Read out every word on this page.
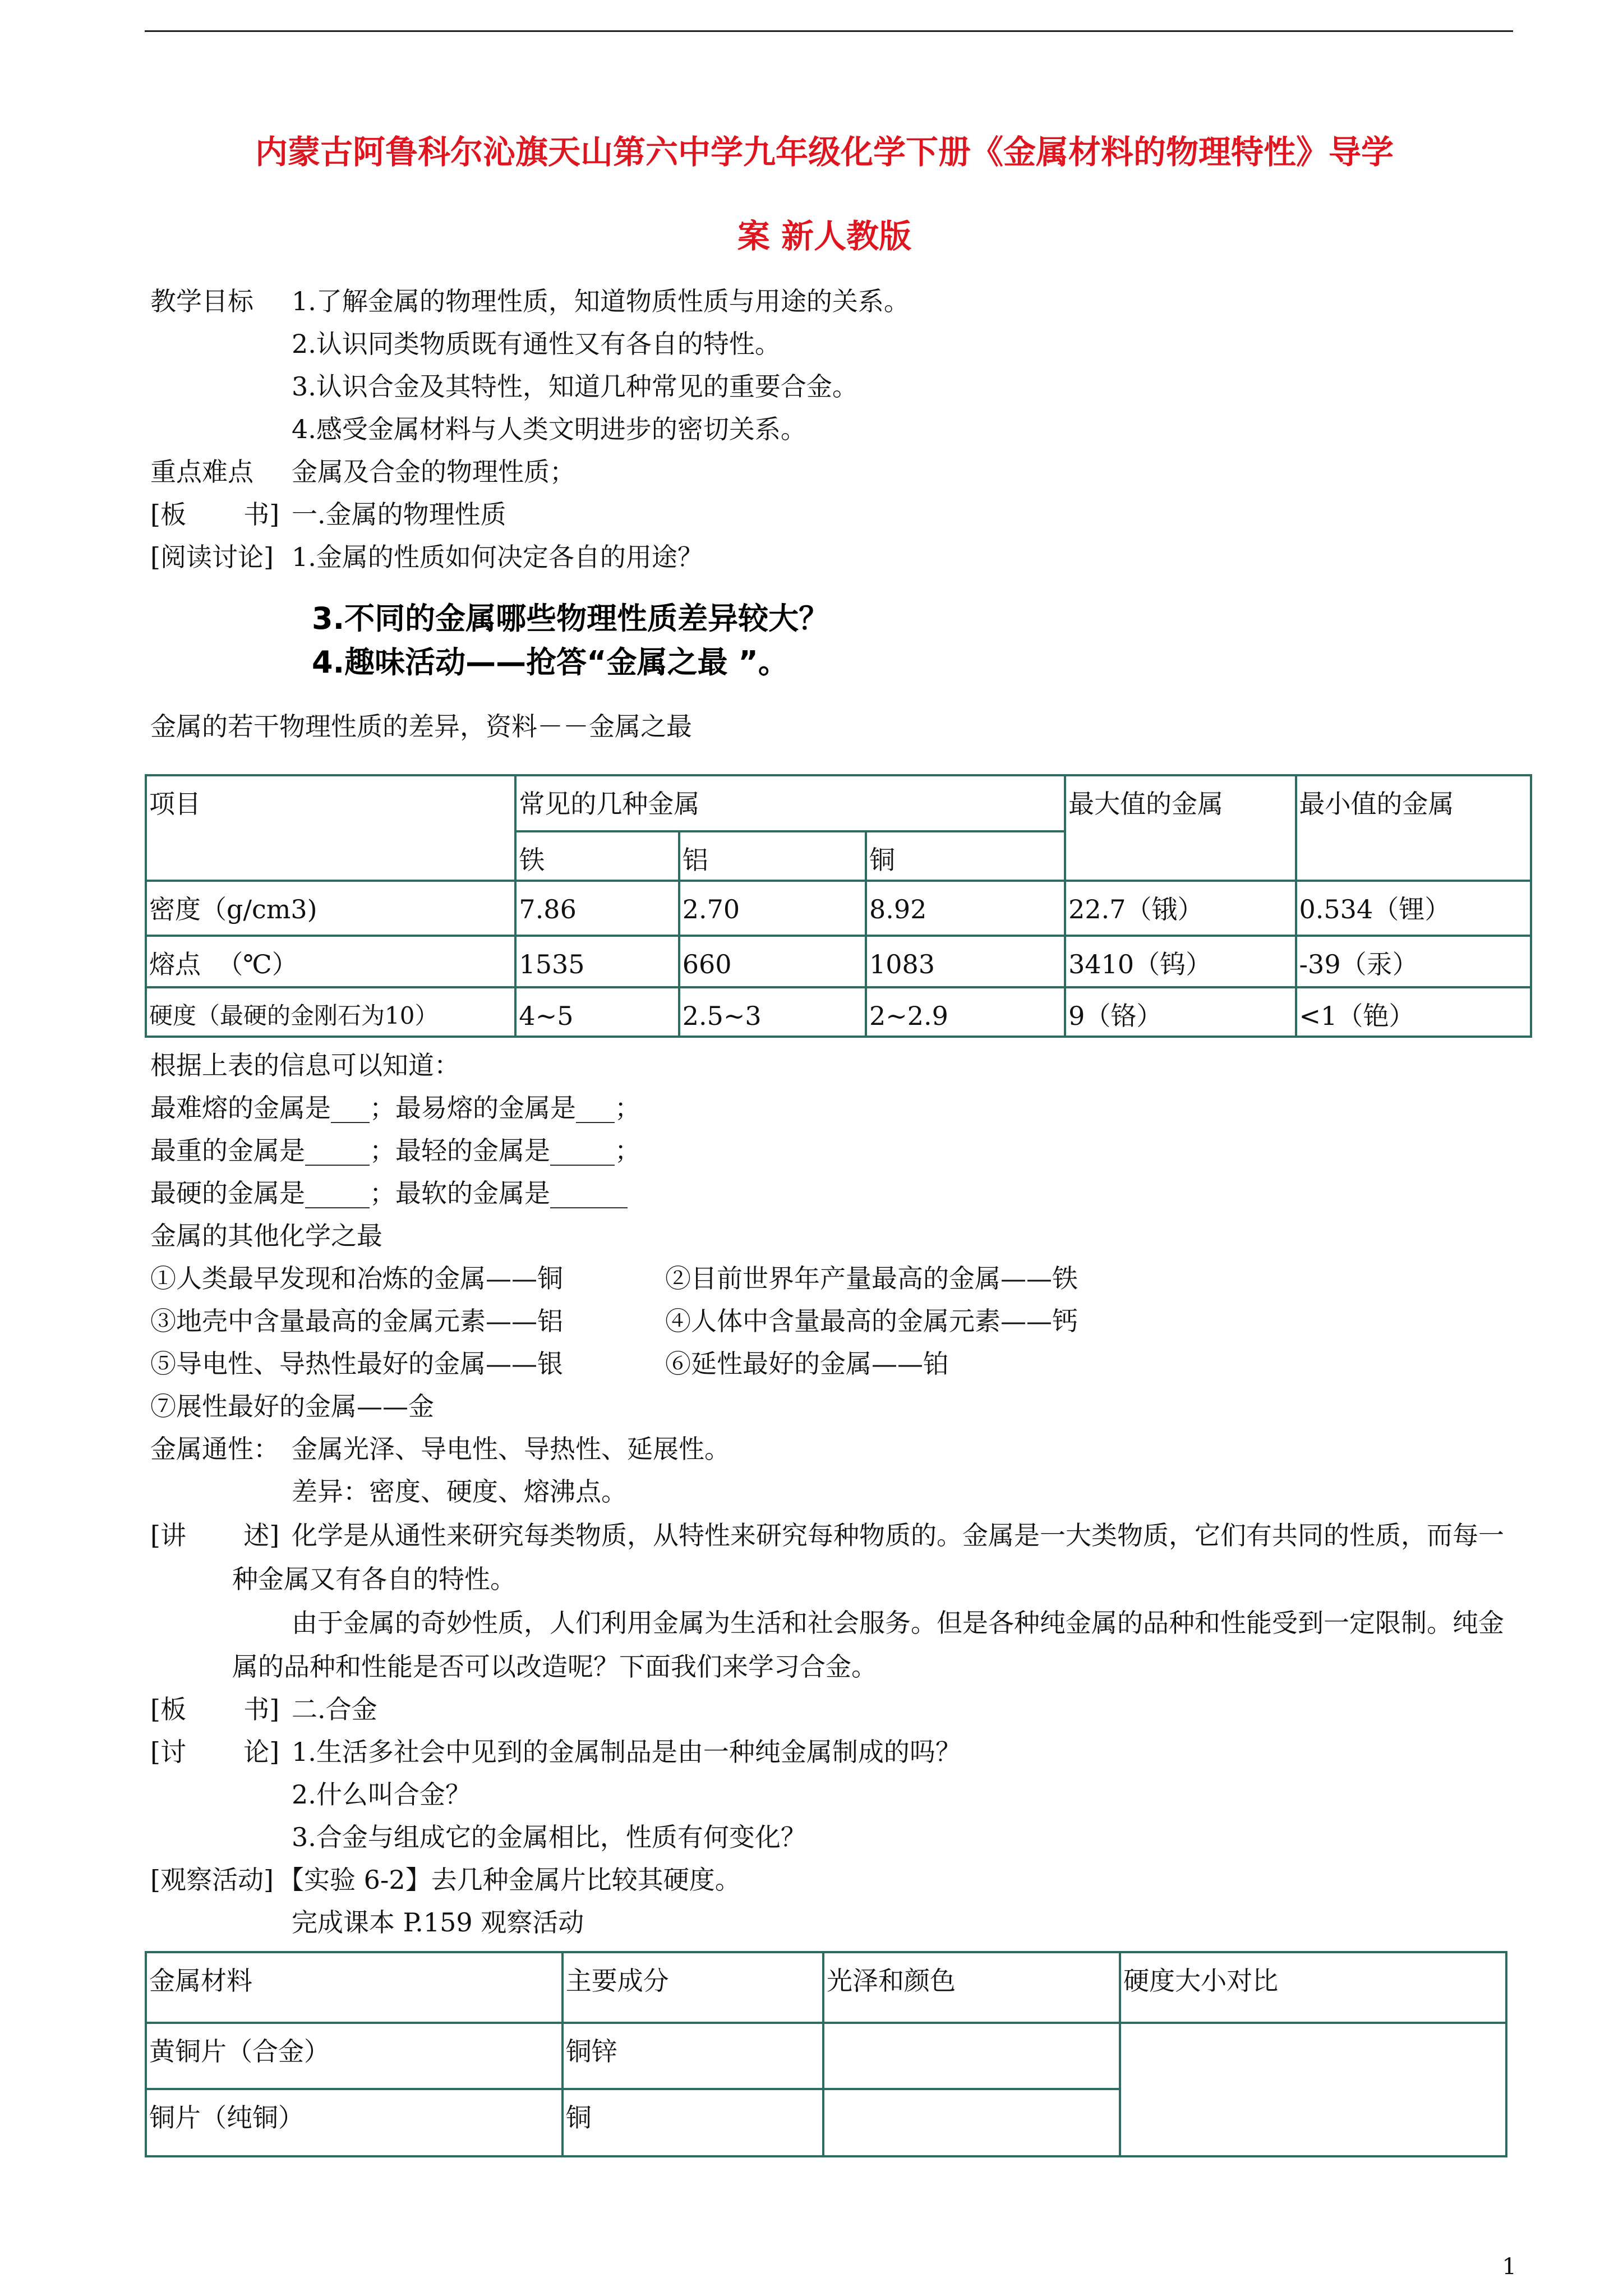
内蒙古阿鲁科尔沁旗天山第六中学九年级化学下册《金属材料的物理特性》导学
案 新人教版
教学目标 1.了解金属的物理性质，知道物质性质与用途的关系。
2.认识同类物质既有通性又有各自的特性。
3.认识合金及其特性，知道几种常见的重要合金。
4.感受金属材料与人类文明进步的密切关系。
重点难点 金属及合金的物理性质；
[板       书] 一.金属的物理性质
[阅读讨论] 1.金属的性质如何决定各自的用途？
3.不同的金属哪些物理性质差异较大？
4.趣味活动——抢答“金属之最 ”。
金属的若干物理性质的差异，资料－－金属之最
项目	常见的几种金属			最大值的金属	最小值的金属
	铁	铝	铜		
密度（g/cm3)	7.86	2.70	8.92	22.7（锇）	0.534（锂）
熔点  （℃）	1535	660	1083	3410（钨）	-39（汞）
硬度（最硬的金刚石为10）	4~5	2.5~3	2~2.9	9（铬）	<1（铯）
根据上表的信息可以知道：
最难熔的金属是___；最易熔的金属是___；
最重的金属是_____；最轻的金属是_____；
最硬的金属是_____；最软的金属是______
金属的其他化学之最
①人类最早发现和冶炼的金属——铜	②目前世界年产量最高的金属——铁
③地壳中含量最高的金属元素——铝	④人体中含量最高的金属元素——钙
⑤导电性、导热性最好的金属——银	⑥延性最好的金属——铂
⑦展性最好的金属——金
金属通性： 金属光泽、导电性、导热性、延展性。
差异：密度、硬度、熔沸点。
[讲       述] 化学是从通性来研究每类物质，从特性来研究每种物质的。金属是一大类物质，它们有共同的性质，而每一种金属又有各自的特性。
由于金属的奇妙性质，人们利用金属为生活和社会服务。但是各种纯金属的品种和性能受到一定限制。纯金属的品种和性能是否可以改造呢？下面我们来学习合金。
[板       书] 二.合金
[讨       论] 1.生活多社会中见到的金属制品是由一种纯金属制成的吗？
2.什么叫合金？
3.合金与组成它的金属相比，性质有何变化？
[观察活动] 【实验 6-2】去几种金属片比较其硬度。
完成课本 P.159 观察活动
金属材料	主要成分	光泽和颜色	硬度大小对比
黄铜片（合金）	铜锌		
铜片（纯铜）	铜		
1
